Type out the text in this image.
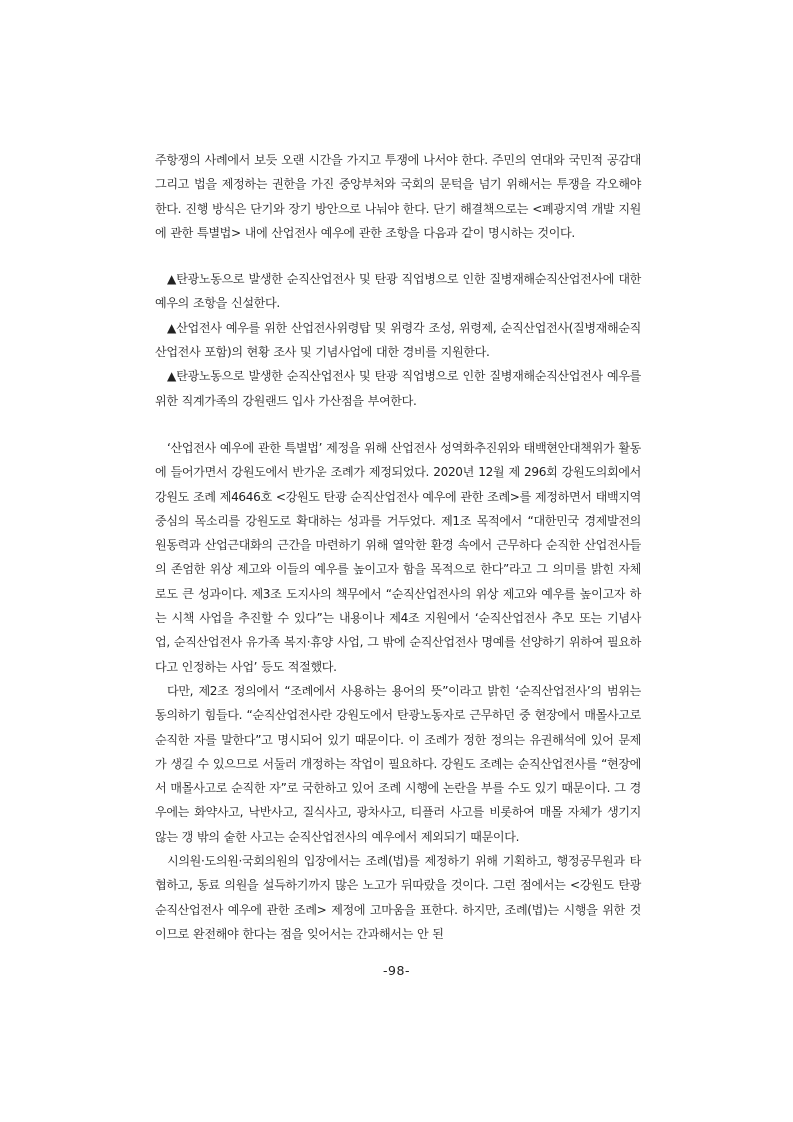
주항쟁의 사례에서 보듯 오랜 시간을 가지고 투쟁에 나서야 한다. 주민의 연대와 국민적 공감대 그리고 법을 제정하는 권한을 가진 중앙부처와 국회의 문턱을 넘기 위해서는 투쟁을 각오해야 한다. 진행 방식은 단기와 장기 방안으로 나눠야 한다. 단기 해결책으로는 <폐광지역 개발 지원에 관한 특별법> 내에 산업전사 예우에 관한 조항을 다음과 같이 명시하는 것이다.

▲탄광노동으로 발생한 순직산업전사 및 탄광 직업병으로 인한 질병재해순직산업전사에 대한 예우의 조항을 신설한다.

▲산업전사 예우를 위한 산업전사위령탑 및 위령각 조성, 위령제, 순직산업전사(질병재해순직산업전사 포함)의 현황 조사 및 기념사업에 대한 경비를 지원한다.

▲탄광노동으로 발생한 순직산업전사 및 탄광 직업병으로 인한 질병재해순직산업전사 예우를 위한 직계가족의 강원랜드 입사 가산점을 부여한다.

‘산업전사 예우에 관한 특별법’ 제정을 위해 산업전사 성역화추진위와 태백현안대책위가 활동에 들어가면서 강원도에서 반가운 조례가 제정되었다. 2020년 12월 제 296회 강원도의회에서 강원도 조례 제4646호 <강원도 탄광 순직산업전사 예우에 관한 조례>를 제정하면서 태백지역 중심의 목소리를 강원도로 확대하는 성과를 거두었다. 제1조 목적에서 “대한민국 경제발전의 원동력과 산업근대화의 근간을 마련하기 위해 열악한 환경 속에서 근무하다 순직한 산업전사들의 존엄한 위상 제고와 이들의 예우를 높이고자 함을 목적으로 한다”라고 그 의미를 밝힌 자체로도 큰 성과이다. 제3조 도지사의 책무에서 “순직산업전사의 위상 제고와 예우를 높이고자 하는 시책 사업을 추진할 수 있다”는 내용이나 제4조 지원에서 ‘순직산업전사 추모 또는 기념사업, 순직산업전사 유가족 복지·휴양 사업, 그 밖에 순직산업전사 명예를 선양하기 위하여 필요하다고 인정하는 사업’ 등도 적절했다.

다만, 제2조 정의에서 “조례에서 사용하는 용어의 뜻”이라고 밝힌 ‘순직산업전사’의 범위는 동의하기 힘들다. “순직산업전사란 강원도에서 탄광노동자로 근무하던 중 현장에서 매몰사고로 순직한 자를 말한다”고 명시되어 있기 때문이다. 이 조례가 정한 정의는 유권해석에 있어 문제가 생길 수 있으므로 서둘러 개정하는 작업이 필요하다. 강원도 조례는 순직산업전사를 “현장에서 매몰사고로 순직한 자”로 국한하고 있어 조례 시행에 논란을 부를 수도 있기 때문이다. 그 경우에는 화약사고, 낙반사고, 질식사고, 광차사고, 티플러 사고를 비롯하여 매몰 자체가 생기지 않는 갱 밖의 숱한 사고는 순직산업전사의 예우에서 제외되기 때문이다.

시의원·도의원·국회의원의 입장에서는 조례(법)를 제정하기 위해 기획하고, 행정공무원과 타협하고, 동료 의원을 설득하기까지 많은 노고가 뒤따랐을 것이다. 그런 점에서는 <강원도 탄광 순직산업전사 예우에 관한 조례> 제정에 고마움을 표한다. 하지만, 조례(법)는 시행을 위한 것이므로 완전해야 한다는 점을 잊어서는 간과해서는 안 된

-98-
